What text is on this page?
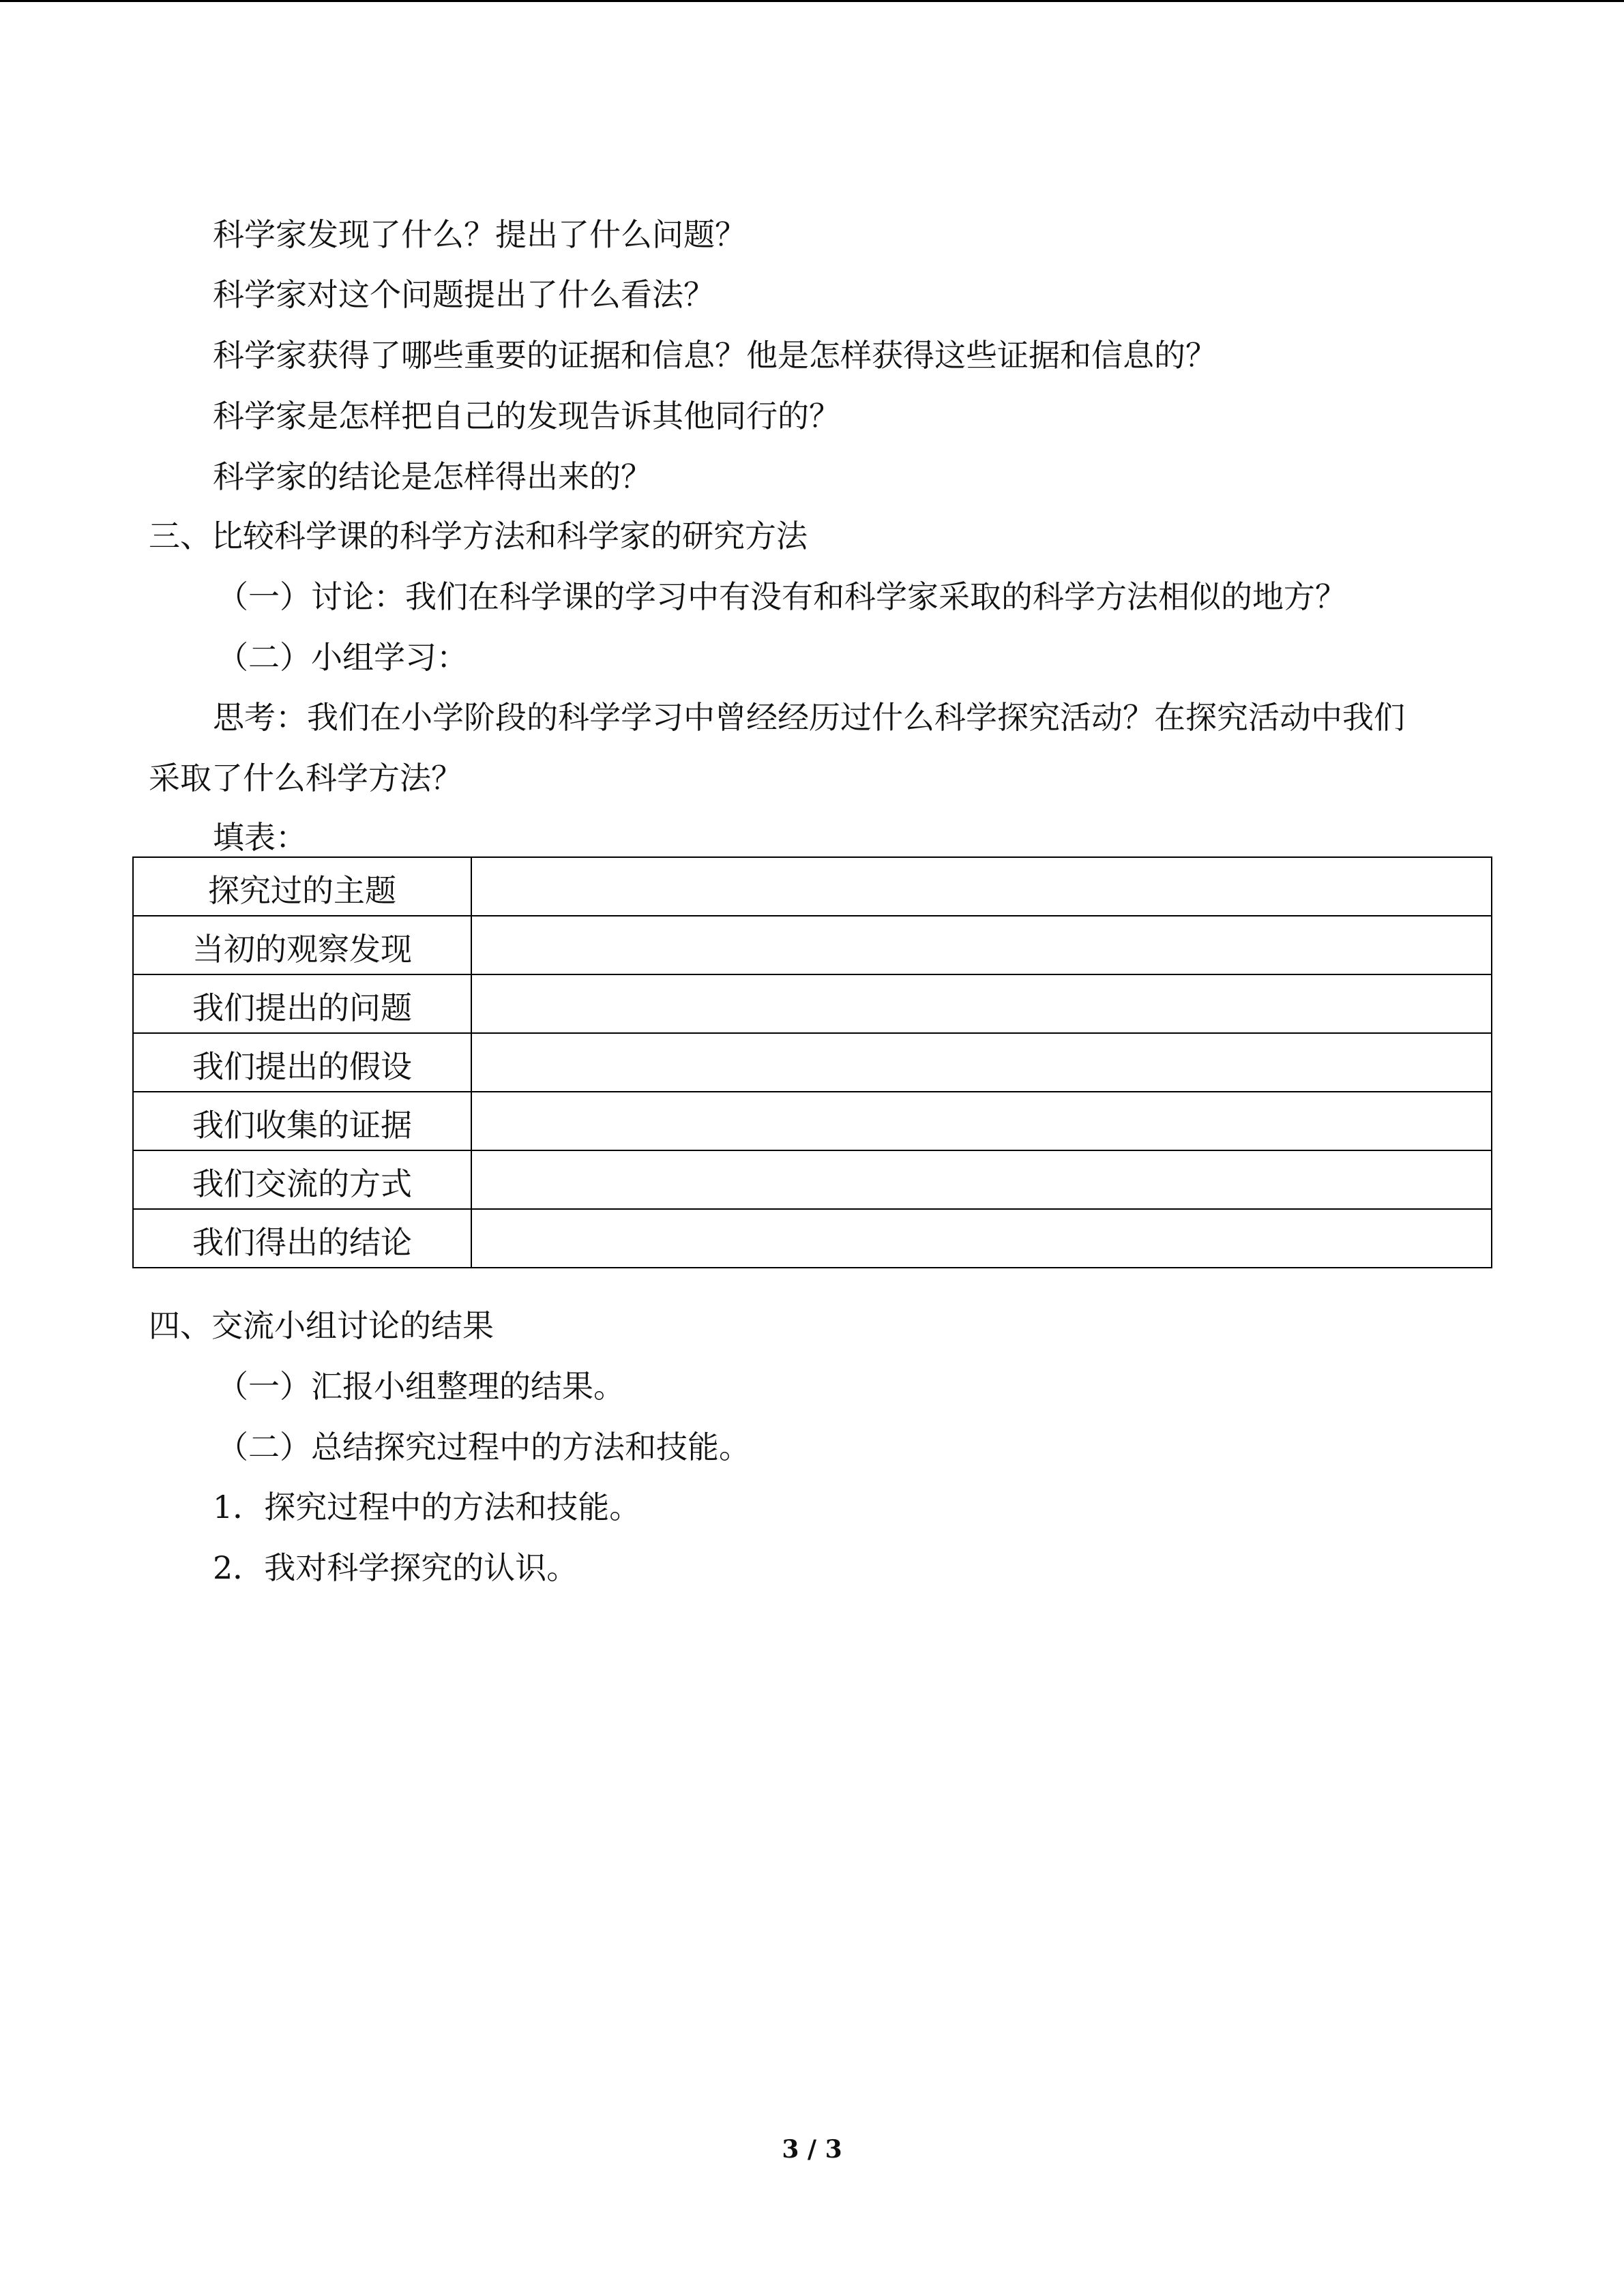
科学家发现了什么？提出了什么问题？
科学家对这个问题提出了什么看法？
科学家获得了哪些重要的证据和信息？他是怎样获得这些证据和信息的？
科学家是怎样把自己的发现告诉其他同行的？
科学家的结论是怎样得出来的？
三、比较科学课的科学方法和科学家的研究方法
（一）讨论：我们在科学课的学习中有没有和科学家采取的科学方法相似的地方？
（二）小组学习：
思考：我们在小学阶段的科学学习中曾经经历过什么科学探究活动？在探究活动中我们
采取了什么科学方法？
填表：
探究过的主题	
当初的观察发现	
我们提出的问题	
我们提出的假设	
我们收集的证据	
我们交流的方式	
我们得出的结论	
四、交流小组讨论的结果
（一）汇报小组整理的结果。
（二）总结探究过程中的方法和技能。
1．探究过程中的方法和技能。
2．我对科学探究的认识。
3 / 3
